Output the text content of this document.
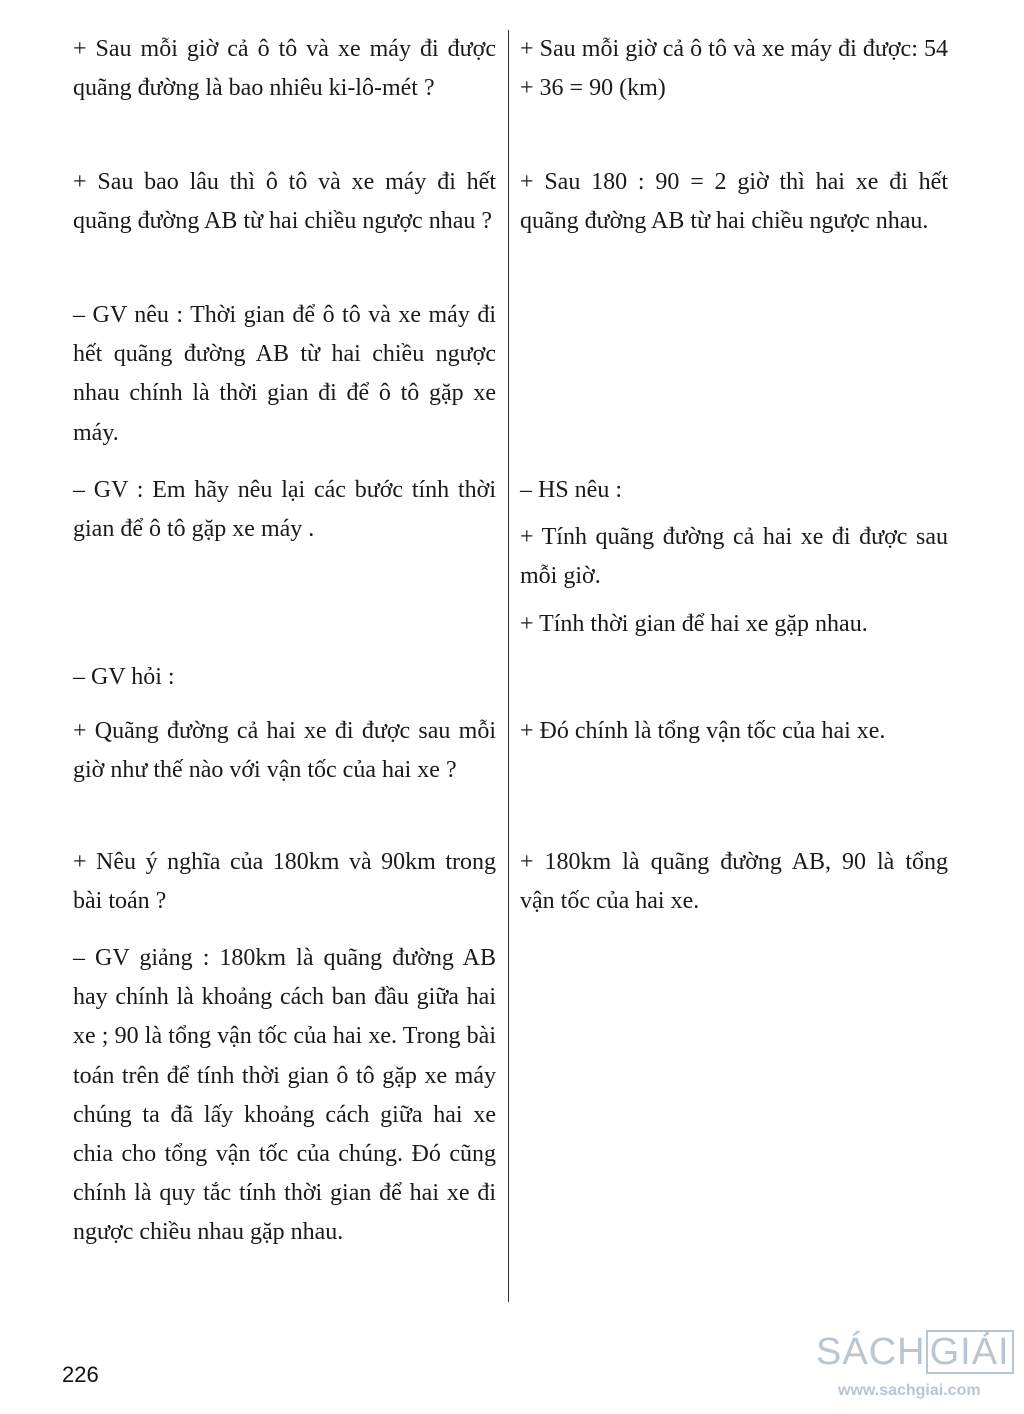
+ Sau mỗi giờ cả ô tô và xe máy đi được quãng đường là bao nhiêu ki-lô-mét ?

+ Sau mỗi giờ cả ô tô và xe máy đi được: 54 + 36 = 90 (km)

+ Sau bao lâu thì ô tô và xe máy đi hết quãng đường AB từ hai chiều ngược nhau ?

+ Sau 180 : 90 = 2 giờ thì hai xe đi hết quãng đường AB từ hai chiều ngược nhau.

– GV nêu : Thời gian để ô tô và xe máy đi hết quãng đường AB từ hai chiều ngược nhau chính là thời gian đi để ô tô gặp xe máy.

– GV : Em hãy nêu lại các bước tính thời gian để ô tô gặp xe máy .

– HS nêu :

+ Tính quãng đường cả hai xe đi được sau mỗi giờ.

+ Tính thời gian để hai xe gặp nhau.

– GV hỏi :

+ Quãng đường cả hai xe đi được sau mỗi giờ như thế nào với vận tốc của hai xe ?

+ Đó chính là tổng vận tốc của hai xe.

+ Nêu ý nghĩa của 180km và 90km trong bài toán ?

+ 180km là quãng đường AB, 90 là tổng vận tốc của hai xe.

– GV giảng : 180km là quãng đường AB hay chính là khoảng cách ban đầu giữa hai xe ; 90 là tổng vận tốc của hai xe. Trong bài toán trên để tính thời gian ô tô gặp xe máy chúng ta đã lấy khoảng cách giữa hai xe chia cho tổng vận tốc của chúng. Đó cũng chính là quy tắc tính thời gian để hai xe đi ngược chiều nhau gặp nhau.

226
SÁCH GIẢI
www.sachgiai.com
